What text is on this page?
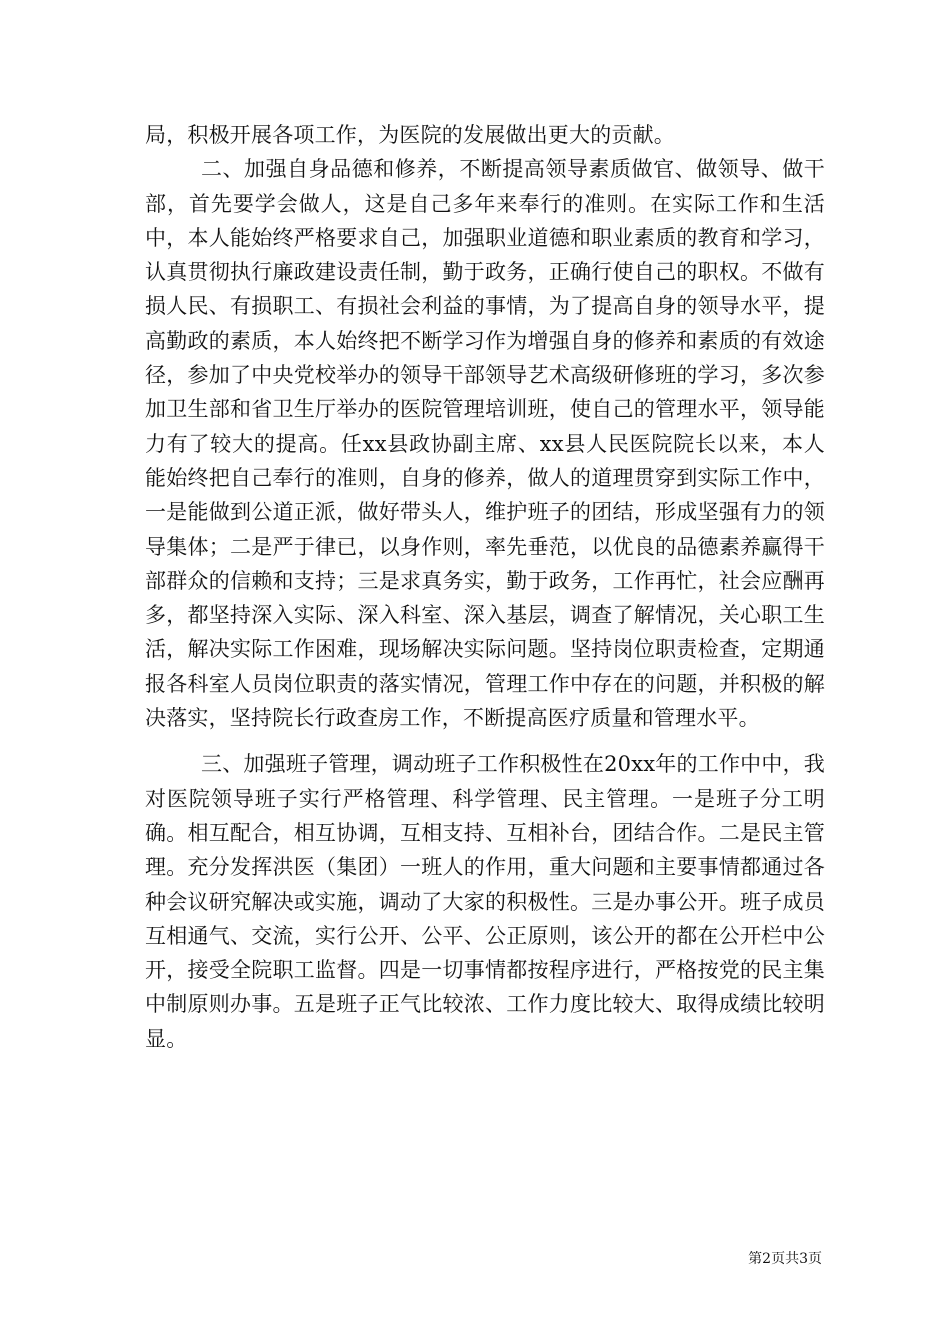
局，积极开展各项工作，为医院的发展做出更大的贡献。

二、加强自身品德和修养，不断提高领导素质做官、做领导、做干部，首先要学会做人，这是自己多年来奉行的准则。在实际工作和生活中，本人能始终严格要求自己，加强职业道德和职业素质的教育和学习，认真贯彻执行廉政建设责任制，勤于政务，正确行使自己的职权。不做有损人民、有损职工、有损社会利益的事情，为了提高自身的领导水平，提高勤政的素质，本人始终把不断学习作为增强自身的修养和素质的有效途径，参加了中央党校举办的领导干部领导艺术高级研修班的学习，多次参加卫生部和省卫生厅举办的医院管理培训班，使自己的管理水平，领导能力有了较大的提高。任xx县政协副主席、xx县人民医院院长以来，本人能始终把自己奉行的准则，自身的修养，做人的道理贯穿到实际工作中，一是能做到公道正派，做好带头人，维护班子的团结，形成坚强有力的领导集体；二是严于律已，以身作则，率先垂范，以优良的品德素养赢得干部群众的信赖和支持；三是求真务实，勤于政务，工作再忙，社会应酬再多，都坚持深入实际、深入科室、深入基层，调查了解情况，关心职工生活，解决实际工作困难，现场解决实际问题。坚持岗位职责检查，定期通报各科室人员岗位职责的落实情况，管理工作中存在的问题，并积极的解决落实，坚持院长行政查房工作，不断提高医疗质量和管理水平。

三、加强班子管理，调动班子工作积极性在20xx年的工作中中，我对医院领导班子实行严格管理、科学管理、民主管理。一是班子分工明确。相互配合，相互协调，互相支持、互相补台，团结合作。二是民主管理。充分发挥洪医（集团）一班人的作用，重大问题和主要事情都通过各种会议研究解决或实施，调动了大家的积极性。三是办事公开。班子成员互相通气、交流，实行公开、公平、公正原则，该公开的都在公开栏中公开，接受全院职工监督。四是一切事情都按程序进行，严格按党的民主集中制原则办事。五是班子正气比较浓、工作力度比较大、取得成绩比较明显。

第2页共3页
